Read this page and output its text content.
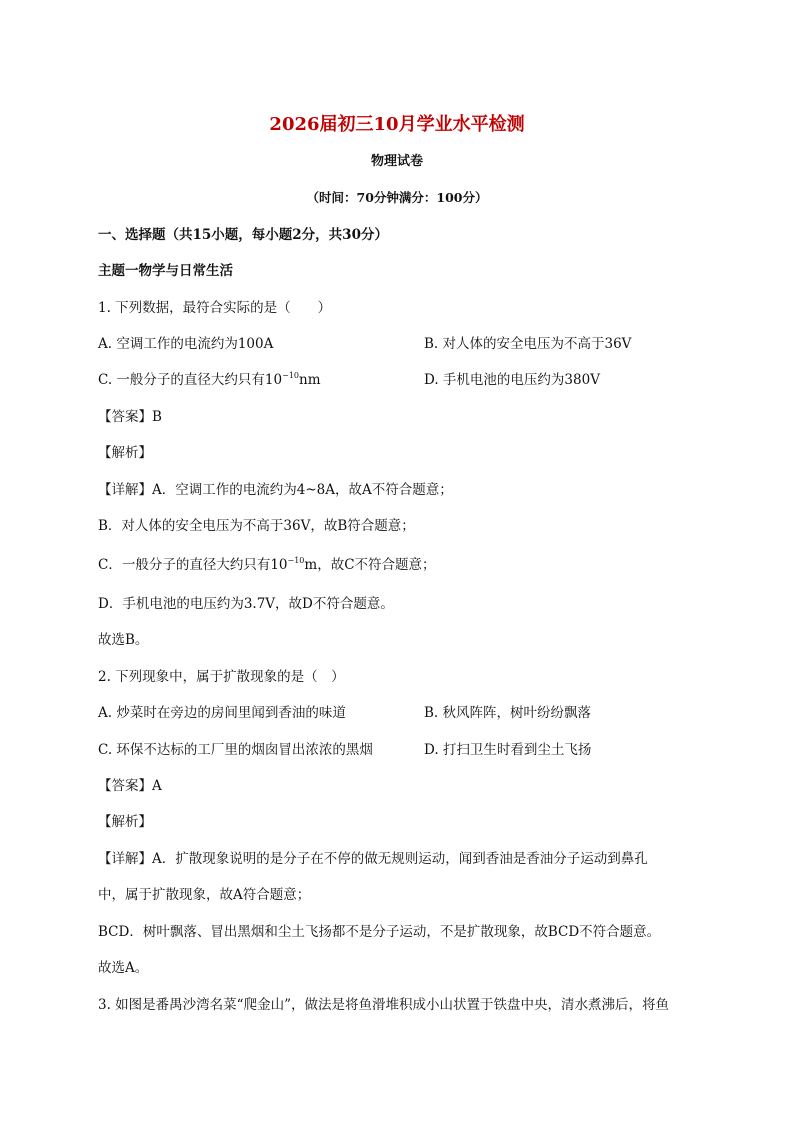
2026届初三10月学业水平检测
物理试卷
（时间：70分钟满分：100分）
一、选择题（共15小题，每小题2分，共30分）
主题一物学与日常生活
1. 下列数据，最符合实际的是（　　）
A. 空调工作的电流约为100A	B. 对人体的安全电压为不高于36V
C. 一般分子的直径大约只有$10^{-10}nm$	D. 手机电池的电压约为380V
【答案】B
【解析】
【详解】A．空调工作的电流约为4~8A，故A不符合题意；
B．对人体的安全电压为不高于36V，故B符合题意；
C．一般分子的直径大约只有$10^{-10}m$，故C不符合题意；
D．手机电池的电压约为3.7V，故D不符合题意。
故选B。
2. 下列现象中，属于扩散现象的是（　）
A. 炒菜时在旁边的房间里闻到香油的味道	B. 秋风阵阵，树叶纷纷飘落
C. 环保不达标的工厂里的烟囱冒出浓浓的黑烟	D. 打扫卫生时看到尘土飞扬
【答案】A
【解析】
【详解】A．扩散现象说明的是分子在不停的做无规则运动，闻到香油是香油分子运动到鼻孔
中，属于扩散现象，故A符合题意；
BCD．树叶飘落、冒出黑烟和尘土飞扬都不是分子运动，不是扩散现象，故BCD不符合题意。
故选A。
3. 如图是番禺沙湾名菜“爬金山”，做法是将鱼滑堆积成小山状置于铁盘中央，清水煮沸后，将鱼
